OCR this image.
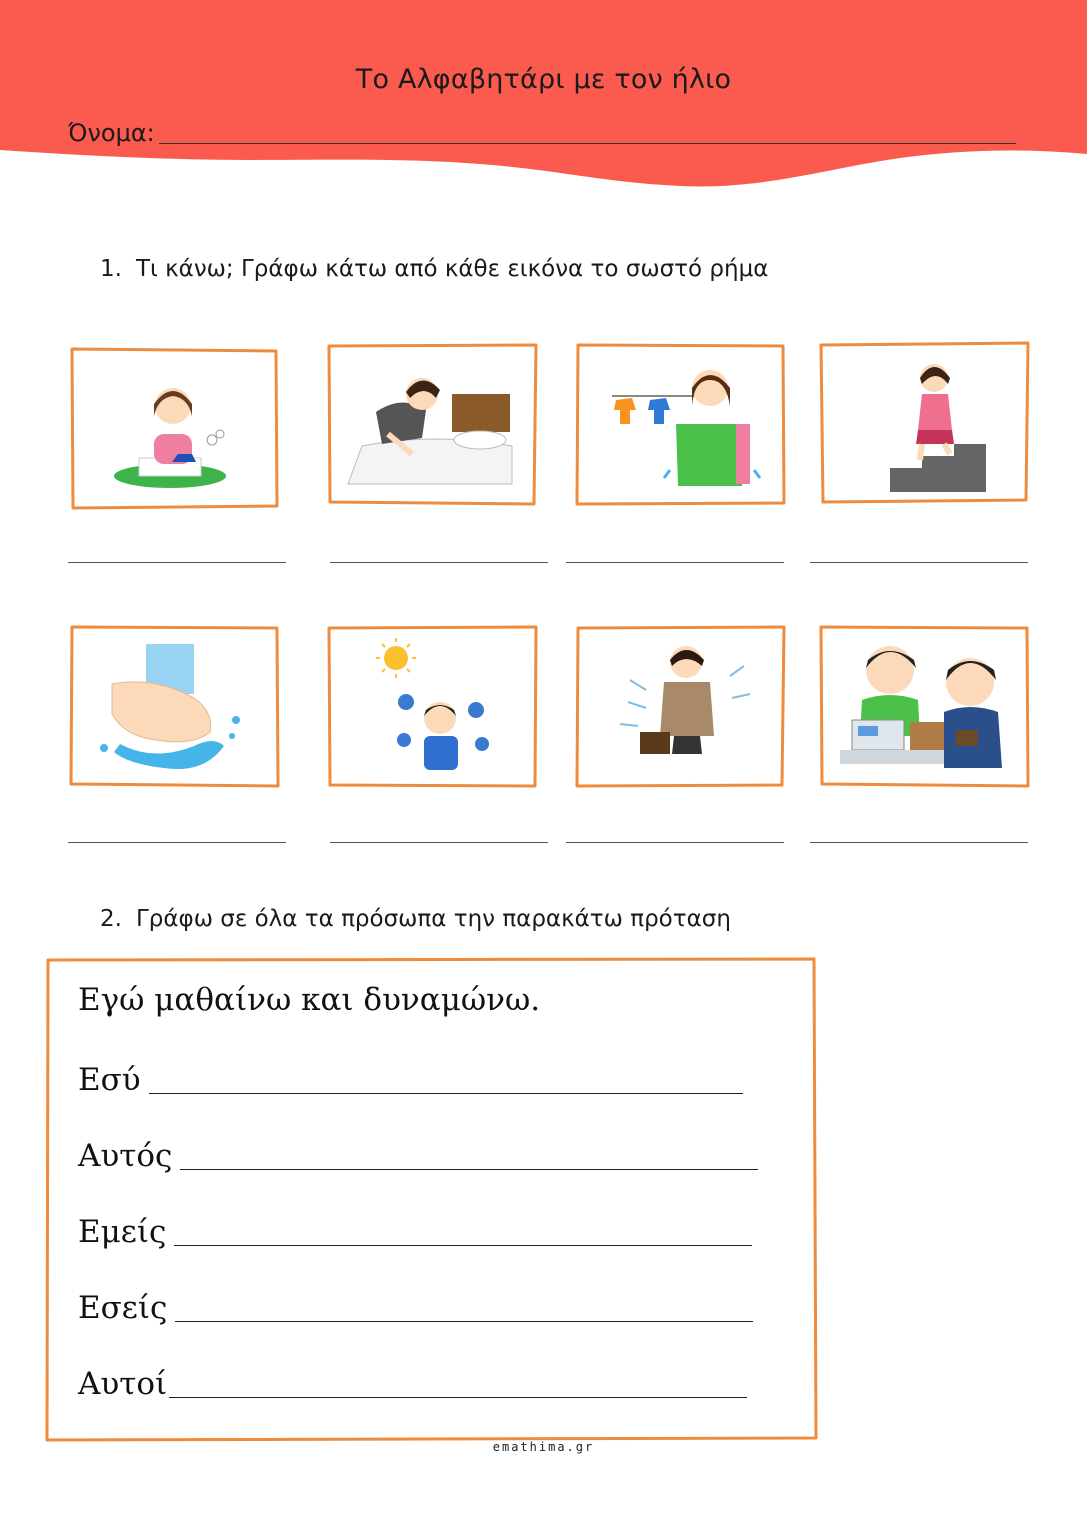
Το Αλφαβητάρι με τον ήλιο
Όνομα:
1. Τι κάνω; Γράφω κάτω από κάθε εικόνα το σωστό ρήμα
2. Γράφω σε όλα τα πρόσωπα την παρακάτω πρόταση
Εγώ μαθαίνω και δυναμώνω.
Εσύ
Αυτός
Εμείς
Εσείς
Αυτοί
emathima.gr
